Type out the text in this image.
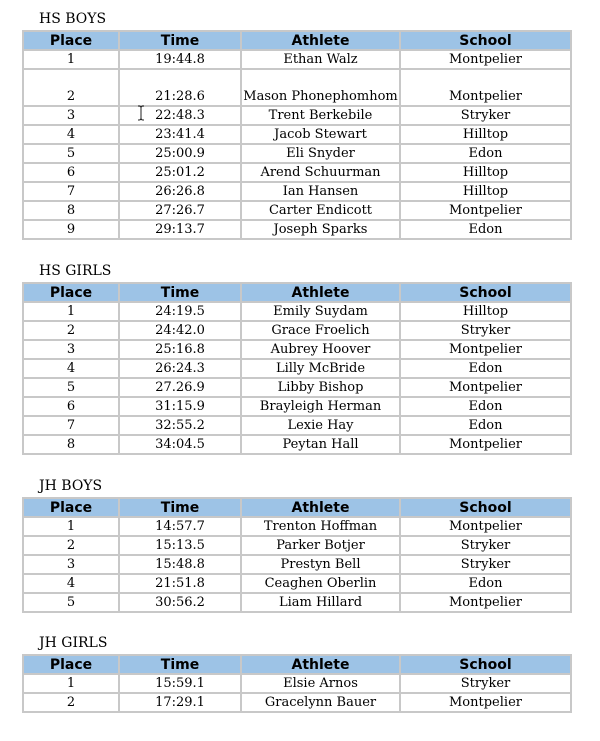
HS BOYS
Place	Time	Athlete	School
1	19:44.8	Ethan Walz	Montpelier
2	21:28.6	Mason Phonephomhom	Montpelier
3	22:48.3	Trent Berkebile	Stryker
4	23:41.4	Jacob Stewart	Hilltop
5	25:00.9	Eli Snyder	Edon
6	25:01.2	Arend Schuurman	Hilltop
7	26:26.8	Ian Hansen	Hilltop
8	27:26.7	Carter Endicott	Montpelier
9	29:13.7	Joseph Sparks	Edon
HS GIRLS
Place	Time	Athlete	School
1	24:19.5	Emily Suydam	Hilltop
2	24:42.0	Grace Froelich	Stryker
3	25:16.8	Aubrey Hoover	Montpelier
4	26:24.3	Lilly McBride	Edon
5	27.26.9	Libby Bishop	Montpelier
6	31:15.9	Brayleigh Herman	Edon
7	32:55.2	Lexie Hay	Edon
8	34:04.5	Peytan Hall	Montpelier
JH BOYS
Place	Time	Athlete	School
1	14:57.7	Trenton Hoffman	Montpelier
2	15:13.5	Parker Botjer	Stryker
3	15:48.8	Prestyn Bell	Stryker
4	21:51.8	Ceaghen Oberlin	Edon
5	30:56.2	Liam Hillard	Montpelier
JH GIRLS
Place	Time	Athlete	School
1	15:59.1	Elsie Arnos	Stryker
2	17:29.1	Gracelynn Bauer	Montpelier
